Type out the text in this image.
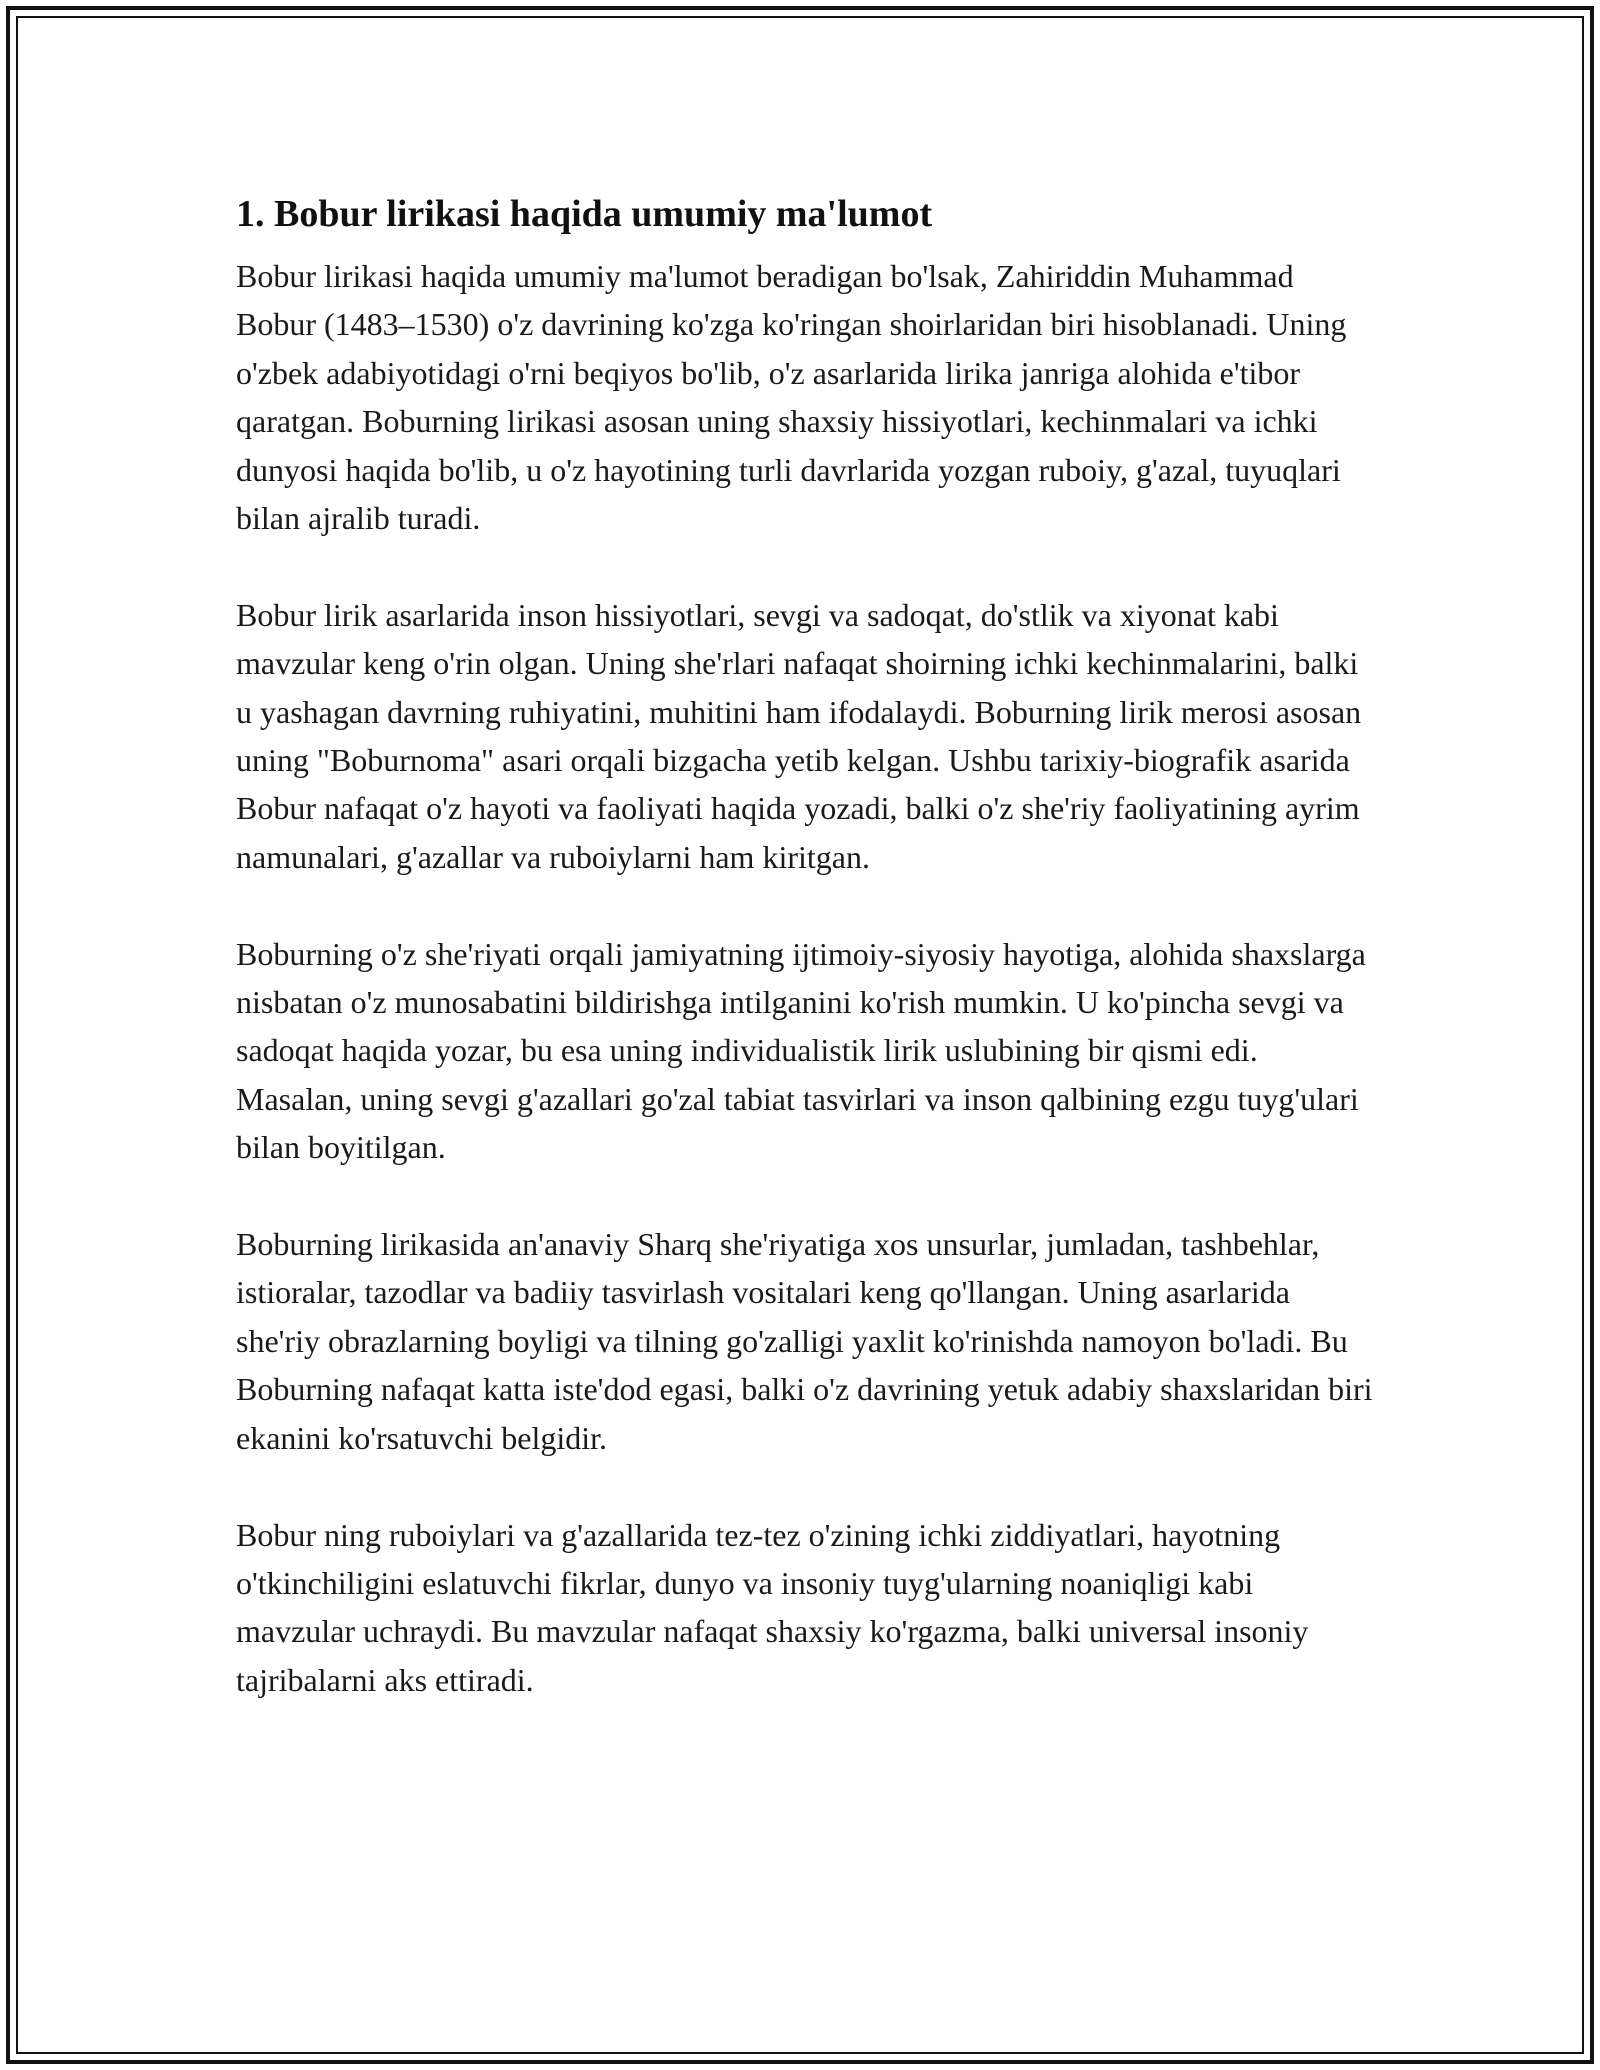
1. Bobur lirikasi haqida umumiy ma'lumot

Bobur lirikasi haqida umumiy ma'lumot beradigan bo'lsak, Zahiriddin Muhammad Bobur (1483–1530) o'z davrining ko'zga ko'ringan shoirlaridan biri hisoblanadi. Uning o'zbek adabiyotidagi o'rni beqiyos bo'lib, o'z asarlarida lirika janriga alohida e'tibor qaratgan. Boburning lirikasi asosan uning shaxsiy hissiyotlari, kechinmalari va ichki dunyosi haqida bo'lib, u o'z hayotining turli davrlarida yozgan ruboiy, g'azal, tuyuqlari bilan ajralib turadi.

Bobur lirik asarlarida inson hissiyotlari, sevgi va sadoqat, do'stlik va xiyonat kabi mavzular keng o'rin olgan. Uning she'rlari nafaqat shoirning ichki kechinmalarini, balki u yashagan davrning ruhiyatini, muhitini ham ifodalaydi. Boburning lirik merosi asosan uning "Boburnoma" asari orqali bizgacha yetib kelgan. Ushbu tarixiy-biografik asarida Bobur nafaqat o'z hayoti va faoliyati haqida yozadi, balki o'z she'riy faoliyatining ayrim namunalari, g'azallar va ruboiylarni ham kiritgan.

Boburning o'z she'riyati orqali jamiyatning ijtimoiy-siyosiy hayotiga, alohida shaxslarga nisbatan o'z munosabatini bildirishga intilganini ko'rish mumkin. U ko'pincha sevgi va sadoqat haqida yozar, bu esa uning individualistik lirik uslubining bir qismi edi. Masalan, uning sevgi g'azallari go'zal tabiat tasvirlari va inson qalbining ezgu tuyg'ulari bilan boyitilgan.

Boburning lirikasida an'anaviy Sharq she'riyatiga xos unsurlar, jumladan, tashbehlar, istioralar, tazodlar va badiiy tasvirlash vositalari keng qo'llangan. Uning asarlarida she'riy obrazlarning boyligi va tilning go'zalligi yaxlit ko'rinishda namoyon bo'ladi. Bu Boburning nafaqat katta iste'dod egasi, balki o'z davrining yetuk adabiy shaxslaridan biri ekanini ko'rsatuvchi belgidir.

Bobur ning ruboiylari va g'azallarida tez-tez o'zining ichki ziddiyatlari, hayotning o'tkinchiligini eslatuvchi fikrlar, dunyo va insoniy tuyg'ularning noaniqligi kabi mavzular uchraydi. Bu mavzular nafaqat shaxsiy ko'rgazma, balki universal insoniy tajribalarni aks ettiradi.
